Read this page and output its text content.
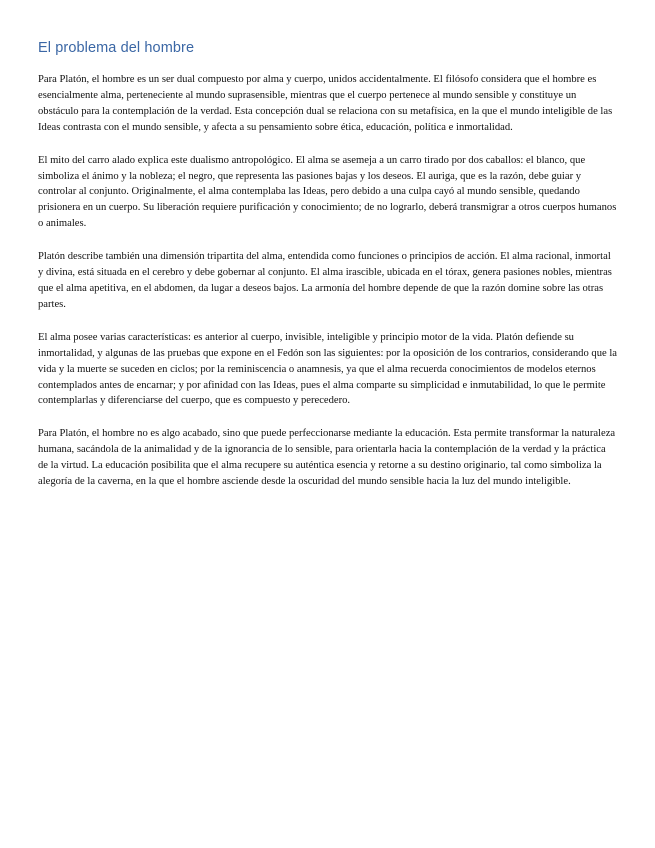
El problema del hombre

Para Platón, el hombre es un ser dual compuesto por alma y cuerpo, unidos accidentalmente. El filósofo considera que el hombre es esencialmente alma, perteneciente al mundo suprasensible, mientras que el cuerpo pertenece al mundo sensible y constituye un obstáculo para la contemplación de la verdad. Esta concepción dual se relaciona con su metafísica, en la que el mundo inteligible de las Ideas contrasta con el mundo sensible, y afecta a su pensamiento sobre ética, educación, política e inmortalidad.

El mito del carro alado explica este dualismo antropológico. El alma se asemeja a un carro tirado por dos caballos: el blanco, que simboliza el ánimo y la nobleza; el negro, que representa las pasiones bajas y los deseos. El auriga, que es la razón, debe guiar y controlar al conjunto. Originalmente, el alma contemplaba las Ideas, pero debido a una culpa cayó al mundo sensible, quedando prisionera en un cuerpo. Su liberación requiere purificación y conocimiento; de no lograrlo, deberá transmigrar a otros cuerpos humanos o animales.

Platón describe también una dimensión tripartita del alma, entendida como funciones o principios de acción. El alma racional, inmortal y divina, está situada en el cerebro y debe gobernar al conjunto. El alma irascible, ubicada en el tórax, genera pasiones nobles, mientras que el alma apetitiva, en el abdomen, da lugar a deseos bajos. La armonía del hombre depende de que la razón domine sobre las otras partes.

El alma posee varias características: es anterior al cuerpo, invisible, inteligible y principio motor de la vida. Platón defiende su inmortalidad, y algunas de las pruebas que expone en el Fedón son las siguientes: por la oposición de los contrarios, considerando que la vida y la muerte se suceden en ciclos; por la reminiscencia o anamnesis, ya que el alma recuerda conocimientos de modelos eternos contemplados antes de encarnar; y por afinidad con las Ideas, pues el alma comparte su simplicidad e inmutabilidad, lo que le permite contemplarlas y diferenciarse del cuerpo, que es compuesto y perecedero.

Para Platón, el hombre no es algo acabado, sino que puede perfeccionarse mediante la educación. Esta permite transformar la naturaleza humana, sacándola de la animalidad y de la ignorancia de lo sensible, para orientarla hacia la contemplación de la verdad y la práctica de la virtud. La educación posibilita que el alma recupere su auténtica esencia y retorne a su destino originario, tal como simboliza la alegoría de la caverna, en la que el hombre asciende desde la oscuridad del mundo sensible hacia la luz del mundo inteligible.
